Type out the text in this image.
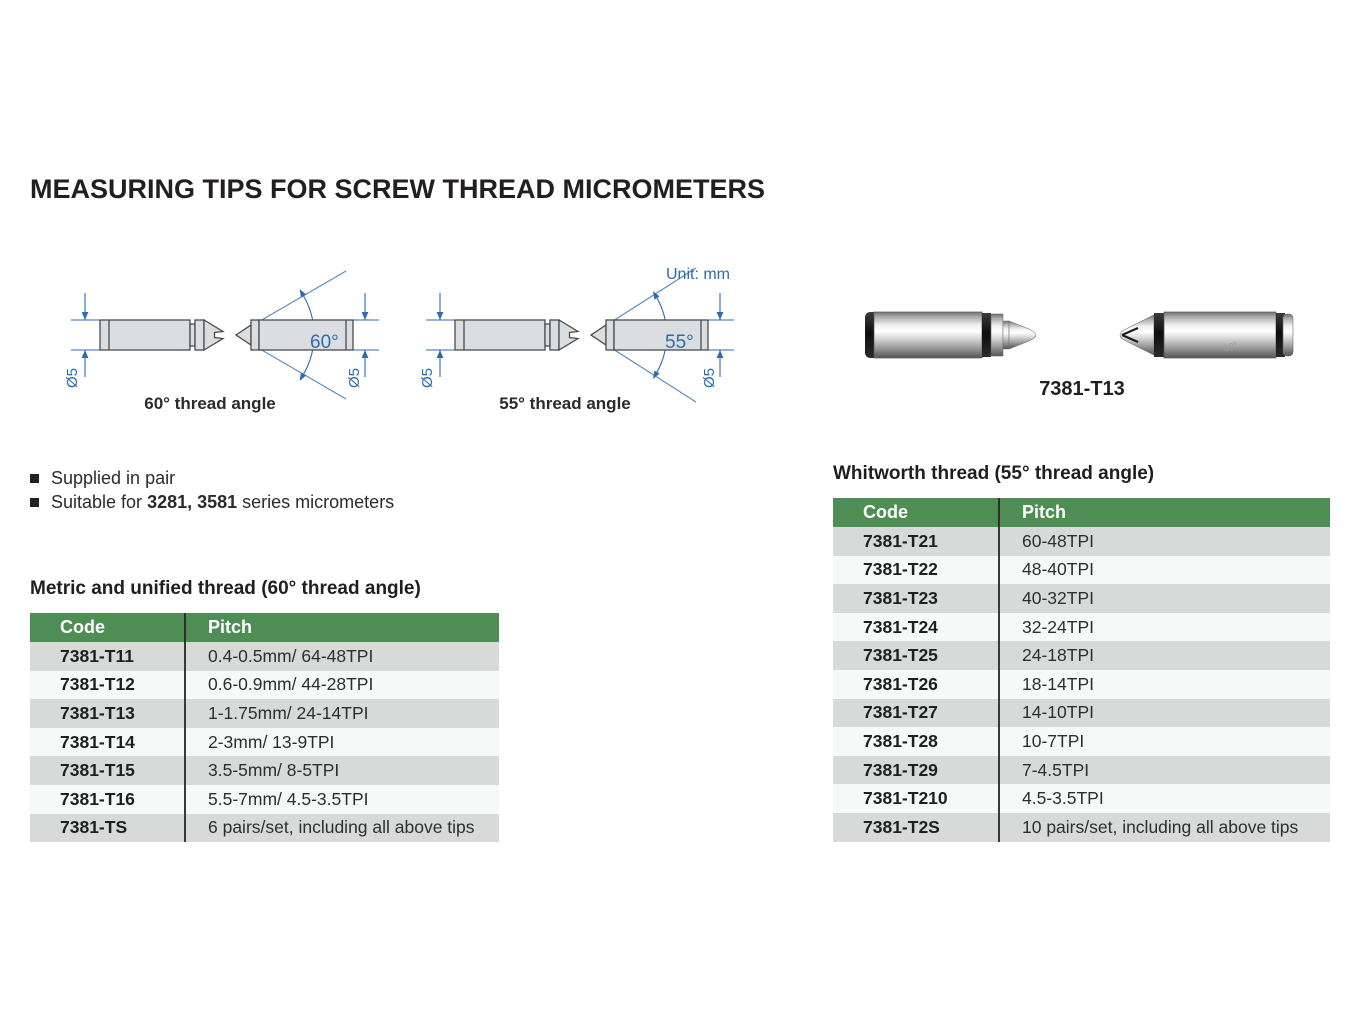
MEASURING TIPS FOR SCREW THREAD MICROMETERS
Ø5	Ø5
60°
60° thread angle
Ø5	Ø5
55°
55° thread angle
Unit: mm
60°
7381-T13
Supplied in pair
Suitable for 3281, 3581 series micrometers
Metric and unified thread (60° thread angle)
Code	Pitch
7381-T11	0.4-0.5mm/ 64-48TPI
7381-T12	0.6-0.9mm/ 44-28TPI
7381-T13	1-1.75mm/ 24-14TPI
7381-T14	2-3mm/ 13-9TPI
7381-T15	3.5-5mm/ 8-5TPI
7381-T16	5.5-7mm/ 4.5-3.5TPI
7381-TS	6 pairs/set, including all above tips
Whitworth thread (55° thread angle)
Code	Pitch
7381-T21	60-48TPI
7381-T22	48-40TPI
7381-T23	40-32TPI
7381-T24	32-24TPI
7381-T25	24-18TPI
7381-T26	18-14TPI
7381-T27	14-10TPI
7381-T28	10-7TPI
7381-T29	7-4.5TPI
7381-T210	4.5-3.5TPI
7381-T2S	10 pairs/set, including all above tips
